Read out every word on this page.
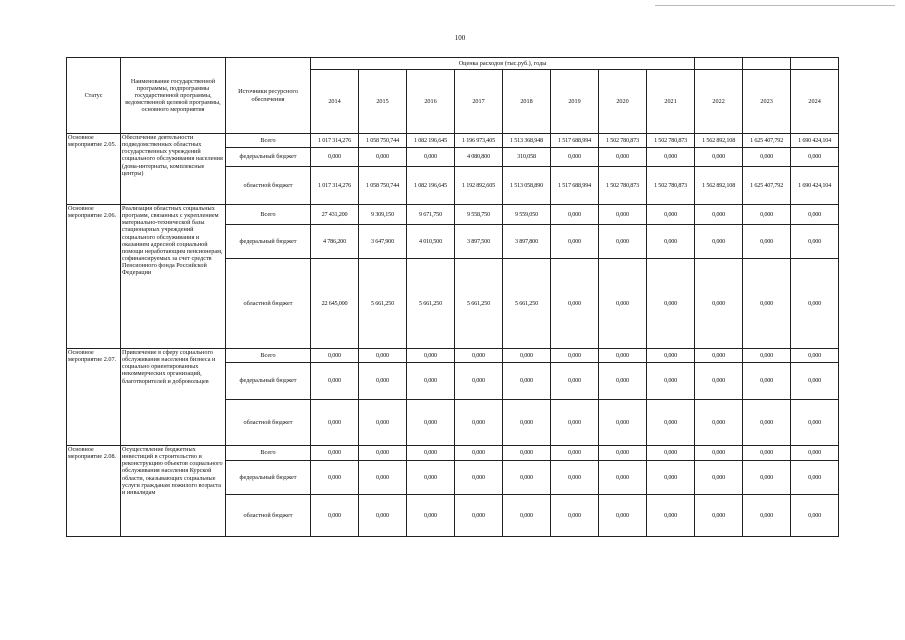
100
Статус	Наименование государственной программы, подпрограммы государственной программы, ведомственной целевой программы, основного мероприятия	Источники ресурсного обеспечения	Оценка расходов (тыс.руб.), годы										
			2014	2015	2016	2017	2018	2019	2020	2021	2022	2023	2024
Основное мероприятие 2.05.	Обеспечение деятельности подведомственных областных государственных учреждений социального обслуживания населения (дома-интернаты, комплексные центры)	Всего	1 017 314,276	1 058 750,744	1 082 196,645	1 196 973,405	1 513 368,948	1 517 688,994	1 502 780,873	1 502 780,873	1 562 892,108	1 625 407,792	1 690 424,104
		федеральный бюджет	0,000	0,000	0,000	4 080,800	310,058	0,000	0,000	0,000	0,000	0,000	0,000
		областной бюджет	1 017 314,276	1 058 750,744	1 082 196,645	1 192 892,605	1 513 058,890	1 517 688,994	1 502 780,873	1 502 780,873	1 562 892,108	1 625 407,792	1 690 424,104
Основное мероприятие 2.06.	Реализация областных социальных программ, связанных с укреплением материально-технической базы стационарных учреждений социального обслуживания и оказанием адресной социальной помощи неработающим пенсионерам, софинансируемых за счет средств Пенсионного фонда Российской Федерации	Всего	27 431,200	9 309,150	9 671,750	9 558,750	9 559,050	0,000	0,000	0,000	0,000	0,000	0,000
		федеральный бюджет	4 786,200	3 647,900	4 010,500	3 897,500	3 897,800	0,000	0,000	0,000	0,000	0,000	0,000
		областной бюджет	22 645,000	5 661,250	5 661,250	5 661,250	5 661,250	0,000	0,000	0,000	0,000	0,000	0,000
Основное мероприятие 2.07.	Привлечение в сферу социального обслуживания населения бизнеса и социально ориентированных некоммерческих организаций, благотворителей и добровольцев	Всего	0,000	0,000	0,000	0,000	0,000	0,000	0,000	0,000	0,000	0,000	0,000
		федеральный бюджет	0,000	0,000	0,000	0,000	0,000	0,000	0,000	0,000	0,000	0,000	0,000
		областной бюджет	0,000	0,000	0,000	0,000	0,000	0,000	0,000	0,000	0,000	0,000	0,000
Основное мероприятие 2.08.	Осуществление бюджетных инвестиций в строительство и реконструкцию объектов социального обслуживания населения Курской области, оказывающих социальные услуги гражданам пожилого возраста и инвалидам	Всего	0,000	0,000	0,000	0,000	0,000	0,000	0,000	0,000	0,000	0,000	0,000
		федеральный бюджет	0,000	0,000	0,000	0,000	0,000	0,000	0,000	0,000	0,000	0,000	0,000
		областной бюджет	0,000	0,000	0,000	0,000	0,000	0,000	0,000	0,000	0,000	0,000	0,000
